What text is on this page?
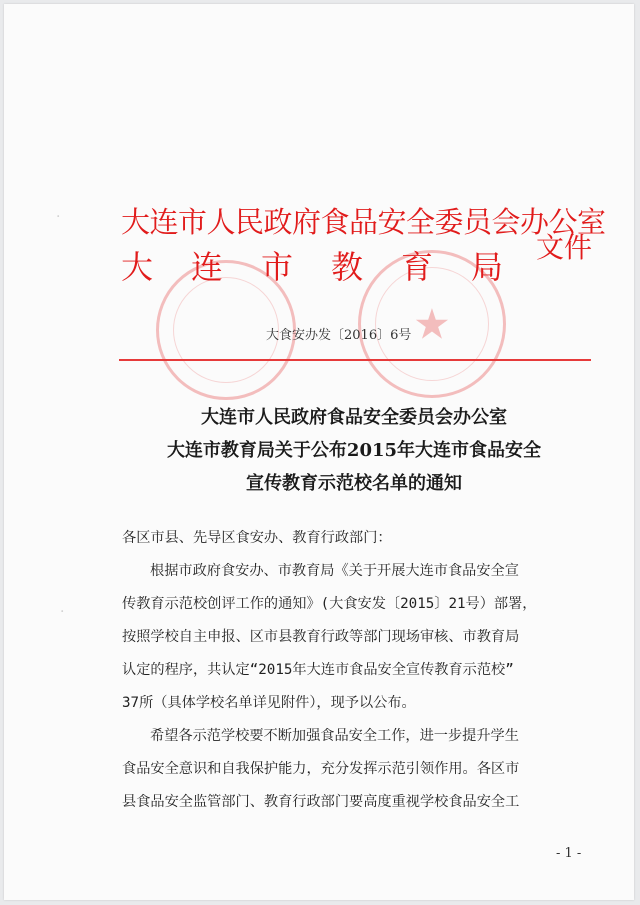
★
大连市人民政府食品安全委员会办公室
大连市教育局
文件
大食安办发〔2016〕6号
大连市人民政府食品安全委员会办公室
大连市教育局关于公布2015年大连市食品安全
宣传教育示范校名单的通知
各区市县、先导区食安办、教育行政部门：
根据市政府食安办、市教育局《关于开展大连市食品安全宣
传教育示范校创评工作的通知》(大食安发〔2015〕21号）部署，
按照学校自主申报、区市县教育行政等部门现场审核、市教育局
认定的程序，共认定“2015年大连市食品安全宣传教育示范校”
37所（具体学校名单详见附件），现予以公布。
希望各示范学校要不断加强食品安全工作，进一步提升学生
食品安全意识和自我保护能力，充分发挥示范引领作用。各区市
县食品安全监管部门、教育行政部门要高度重视学校食品安全工
- 1 -
·
·
